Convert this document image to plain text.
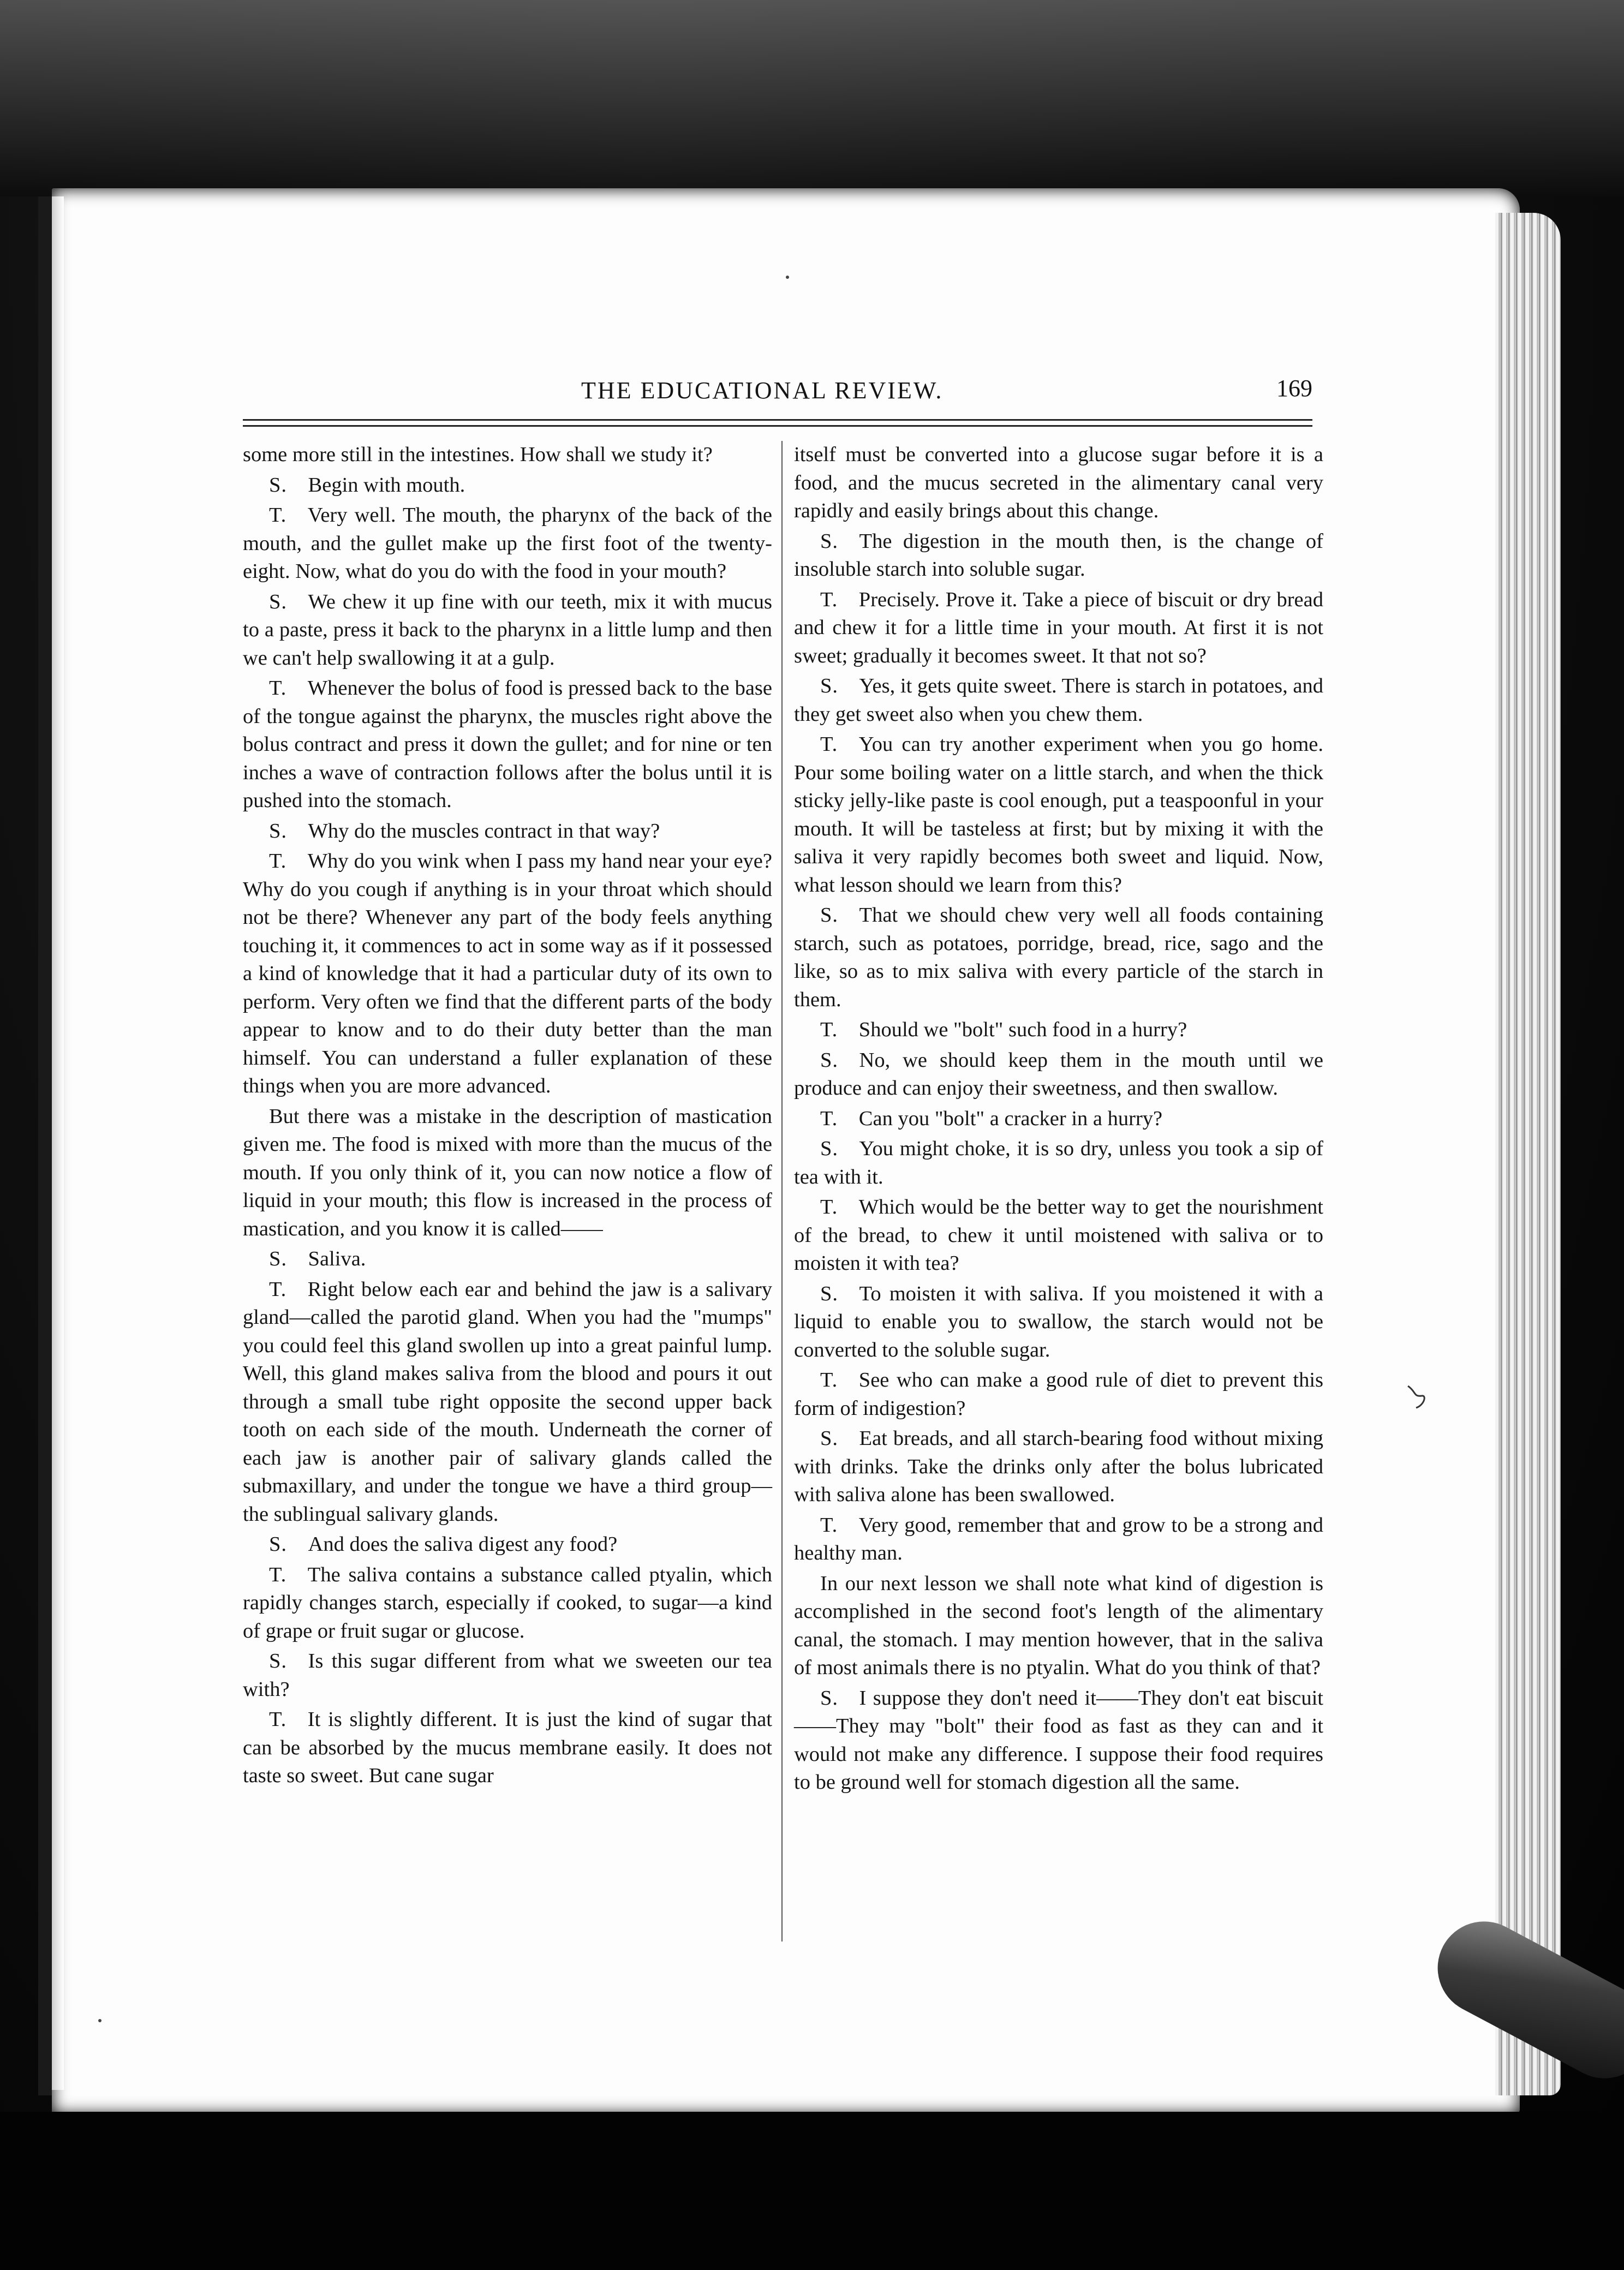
THE EDUCATIONAL REVIEW.	169

some more still in the intestines. How shall we study it?

S.  Begin with mouth.

T.  Very well. The mouth, the pharynx of the back of the mouth, and the gullet make up the first foot of the twenty-eight. Now, what do you do with the food in your mouth?

S.  We chew it up fine with our teeth, mix it with mucus to a paste, press it back to the pharynx in a little lump and then we can't help swallowing it at a gulp.

T.  Whenever the bolus of food is pressed back to the base of the tongue against the pharynx, the muscles right above the bolus contract and press it down the gullet; and for nine or ten inches a wave of contraction follows after the bolus until it is pushed into the stomach.

S.  Why do the muscles contract in that way?

T.  Why do you wink when I pass my hand near your eye? Why do you cough if anything is in your throat which should not be there? Whenever any part of the body feels anything touching it, it commences to act in some way as if it possessed a kind of knowledge that it had a particular duty of its own to perform. Very often we find that the different parts of the body appear to know and to do their duty better than the man himself. You can understand a fuller explanation of these things when you are more advanced.

But there was a mistake in the description of mastication given me. The food is mixed with more than the mucus of the mouth. If you only think of it, you can now notice a flow of liquid in your mouth; this flow is increased in the process of mastication, and you know it is called——

S.  Saliva.

T.  Right below each ear and behind the jaw is a salivary gland—called the parotid gland. When you had the "mumps" you could feel this gland swollen up into a great painful lump. Well, this gland makes saliva from the blood and pours it out through a small tube right opposite the second upper back tooth on each side of the mouth. Underneath the corner of each jaw is another pair of salivary glands called the submaxillary, and under the tongue we have a third group—the sublingual salivary glands.

S.  And does the saliva digest any food?

T.  The saliva contains a substance called ptyalin, which rapidly changes starch, especially if cooked, to sugar—a kind of grape or fruit sugar or glucose.

S.  Is this sugar different from what we sweeten our tea with?

T.  It is slightly different. It is just the kind of sugar that can be absorbed by the mucus membrane easily. It does not taste so sweet. But cane sugar

itself must be converted into a glucose sugar before it is a food, and the mucus secreted in the alimentary canal very rapidly and easily brings about this change.

S.  The digestion in the mouth then, is the change of insoluble starch into soluble sugar.

T.  Precisely. Prove it. Take a piece of biscuit or dry bread and chew it for a little time in your mouth. At first it is not sweet; gradually it becomes sweet. It that not so?

S.  Yes, it gets quite sweet. There is starch in potatoes, and they get sweet also when you chew them.

T.  You can try another experiment when you go home. Pour some boiling water on a little starch, and when the thick sticky jelly-like paste is cool enough, put a teaspoonful in your mouth. It will be tasteless at first; but by mixing it with the saliva it very rapidly becomes both sweet and liquid. Now, what lesson should we learn from this?

S.  That we should chew very well all foods containing starch, such as potatoes, porridge, bread, rice, sago and the like, so as to mix saliva with every particle of the starch in them.

T.  Should we "bolt" such food in a hurry?

S.  No, we should keep them in the mouth until we produce and can enjoy their sweetness, and then swallow.

T.  Can you "bolt" a cracker in a hurry?

S.  You might choke, it is so dry, unless you took a sip of tea with it.

T.  Which would be the better way to get the nourishment of the bread, to chew it until moistened with saliva or to moisten it with tea?

S.  To moisten it with saliva. If you moistened it with a liquid to enable you to swallow, the starch would not be converted to the soluble sugar.

T.  See who can make a good rule of diet to prevent this form of indigestion?

S.  Eat breads, and all starch-bearing food without mixing with drinks. Take the drinks only after the bolus lubricated with saliva alone has been swallowed.

T.  Very good, remember that and grow to be a strong and healthy man.

In our next lesson we shall note what kind of digestion is accomplished in the second foot's length of the alimentary canal, the stomach. I may mention however, that in the saliva of most animals there is no ptyalin. What do you think of that?

S.  I suppose they don't need it——They don't eat biscuit——They may "bolt" their food as fast as they can and it would not make any difference. I suppose their food requires to be ground well for stomach digestion all the same.
